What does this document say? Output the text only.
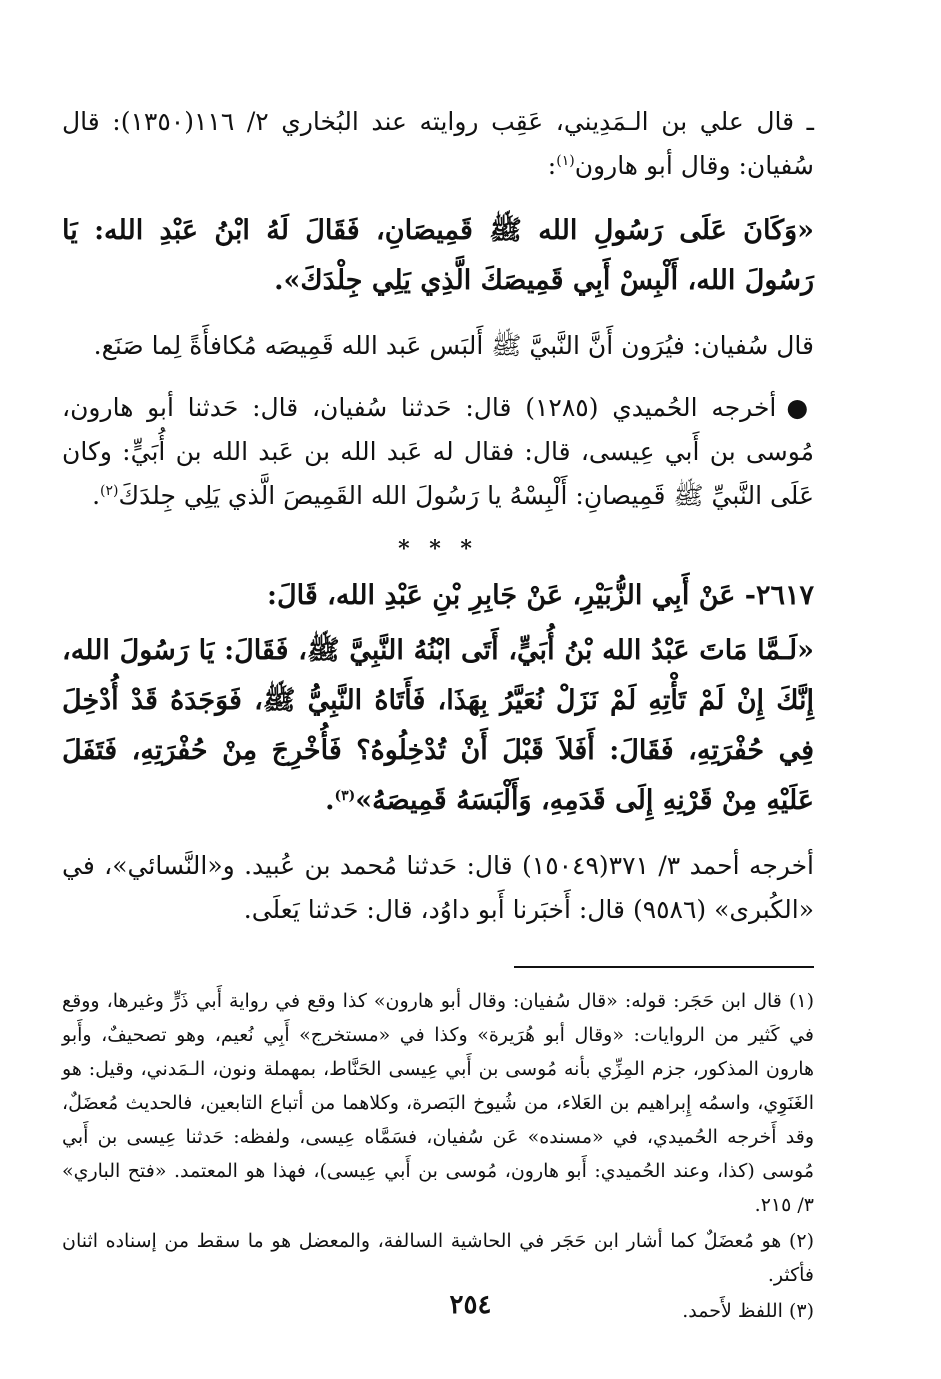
ـ قال علي بن الـمَدِيني، عَقِب روايته عند البُخاري ٢/ ١١٦(١٣٥٠): قال سُفيان: وقال أبو هارون$^{(١)}$:

«وَكَانَ عَلَى رَسُولِ الله ﷺ قَمِيصَانِ، فَقَالَ لَهُ ابْنُ عَبْدِ الله: يَا رَسُولَ الله، أَلْبِسْ أَبِي قَمِيصَكَ الَّذِي يَلِي جِلْدَكَ».

قال سُفيان: فيُرَون أَنَّ النَّبيَّ ﷺ أَلبَس عَبد الله قَمِيصَه مُكافأَةً لِما صَنَع.

●أخرجه الحُميدي (١٢٨٥) قال: حَدثنا سُفيان، قال: حَدثنا أبو هارون، مُوسى بن أَبي عِيسى، قال: فقال له عَبد الله بن عَبد الله بن أُبَيٍّ: وكان عَلَى النَّبيِّ ﷺ قَمِيصانِ: أَلْبِسْهُ يا رَسُولَ الله القَمِيصَ الَّذي يَلِي جِلدَكَ$^{(٢)}$.

* * *

٢٦١٧- عَنْ أَبِي الزُّبَيْرِ، عَنْ جَابِرِ بْنِ عَبْدِ الله، قَالَ:

«لَـمَّا مَاتَ عَبْدُ الله بْنُ أُبَيٍّ، أَتَى ابْنُهُ النَّبِيَّ ﷺ، فَقَالَ: يَا رَسُولَ الله، إِنَّكَ إِنْ لَمْ تَأْتِهِ لَمْ نَزَلْ نُعَيَّرُ بِهَذَا، فَأَتَاهُ النَّبِيُّ ﷺ، فَوَجَدَهُ قَدْ أُدْخِلَ فِي حُفْرَتِهِ، فَقَالَ: أَفَلاَ قَبْلَ أَنْ تُدْخِلُوهُ؟ فَأُخْرِجَ مِنْ حُفْرَتِهِ، فَتَفَلَ عَلَيْهِ مِنْ قَرْنِهِ إِلَى قَدَمِهِ، وَأَلْبَسَهُ قَمِيصَهُ»$^{(٣)}$.

أخرجه أحمد ٣/ ٣٧١(١٥٠٤٩) قال: حَدثنا مُحمد بن عُبيد. و«النَّسائي»، في «الكُبرى» (٩٥٨٦) قال: أَخبَرنا أَبو داوُد، قال: حَدثنا يَعلَى.

(١) قال ابن حَجَر: قوله: «قال سُفيان: وقال أبو هارون» كذا وقع في رواية أَبي ذَرٍّ وغيرها، ووقع في كَثير من الروايات: «وقال أبو هُرَيرة» وكذا في «مستخرج» أَبِي نُعيم، وهو تصحيفٌ، وأَبو هارون المذكور، جزم المِزِّي بأنه مُوسى بن أَبي عِيسى الحَنَّاط، بمهملة ونون، الـمَدني، وقيل: هو الغَنَوِي، واسمُه إِبراهيم بن العَلاء، من شُيوخ البَصرة، وكلاهما من أتباع التابعين، فالحديث مُعضَلٌ، وقد أَخرجه الحُميدي، في «مسنده» عَن سُفيان، فسَمَّاه عِيسى، ولفظه: حَدثنا عِيسى بن أَبي مُوسى (كذا، وعند الحُميدي: أَبو هارون، مُوسى بن أَبي عِيسى)، فهذا هو المعتمد. «فتح الباري» ٣/ ٢١٥.

(٢) هو مُعضَلٌ كما أشار ابن حَجَر في الحاشية السالفة، والمعضل هو ما سقط من إسناده اثنان فأكثر.

(٣) اللفظ لأَحمد.

٢٥٤
